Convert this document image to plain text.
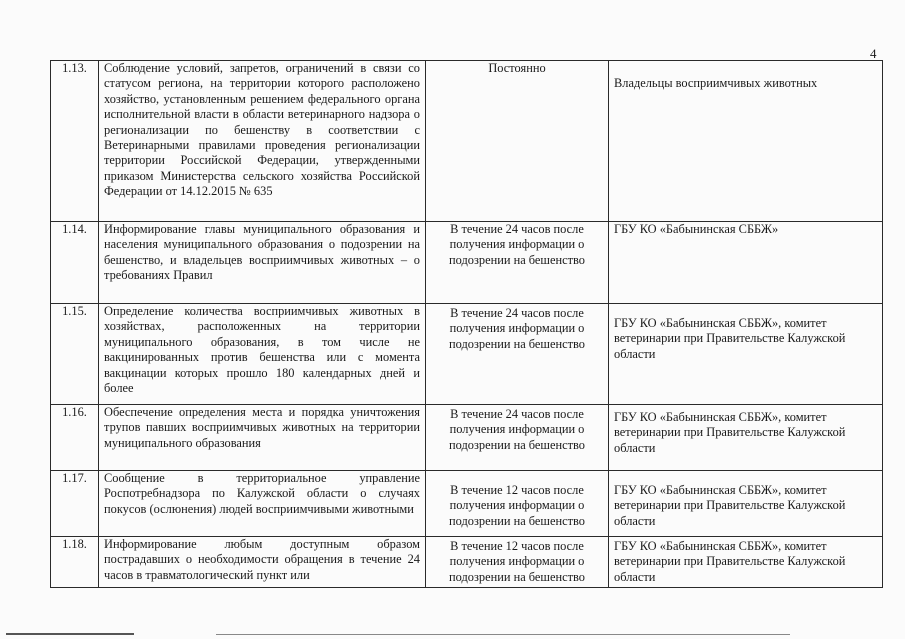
4
1.13.	Соблюдение условий, запретов, ограничений в связи со статусом региона, на территории которого расположено хозяйство, установленным решением федерального органа исполнительной власти в области ветеринарного надзора о регионализации по бешенству в соответствии с Ветеринарными правилами проведения регионализации территории Российской Федерации, утвержденными приказом Министерства сельского хозяйства Российской Федерации от 14.12.2015 № 635	Постоянно	Владельцы восприимчивых животных
1.14.	Информирование главы муниципального образования и населения муниципального образования о подозрении на бешенство, и владельцев восприимчивых животных – о требованиях Правил	В течение 24 часов после получения информации о подозрении на бешенство	ГБУ КО «Бабынинская СББЖ»
1.15.	Определение количества восприимчивых животных в хозяйствах, расположенных на территории муниципального образования, в том числе не вакцинированных против бешенства или с момента вакцинации которых прошло 180 календарных дней и более	В течение 24 часов после получения информации о подозрении на бешенство	ГБУ КО «Бабынинская СББЖ», комитет ветеринарии при Правительстве Калужской области
1.16.	Обеспечение определения места и порядка уничтожения трупов павших восприимчивых животных на территории муниципального образования	В течение 24 часов после получения информации о подозрении на бешенство	ГБУ КО «Бабынинская СББЖ», комитет ветеринарии при Правительстве Калужской области
1.17.	Сообщение в территориальное управление Роспотребнадзора по Калужской области о случаях покусов (ослюнения) людей восприимчивыми животными	В течение 12 часов после получения информации о подозрении на бешенство	ГБУ КО «Бабынинская СББЖ», комитет ветеринарии при Правительстве Калужской области
1.18.	Информирование любым доступным образом пострадавших о необходимости обращения в течение 24 часов в травматологический пункт или	В течение 12 часов после получения информации о подозрении на бешенство	ГБУ КО «Бабынинская СББЖ», комитет ветеринарии при Правительстве Калужской области
